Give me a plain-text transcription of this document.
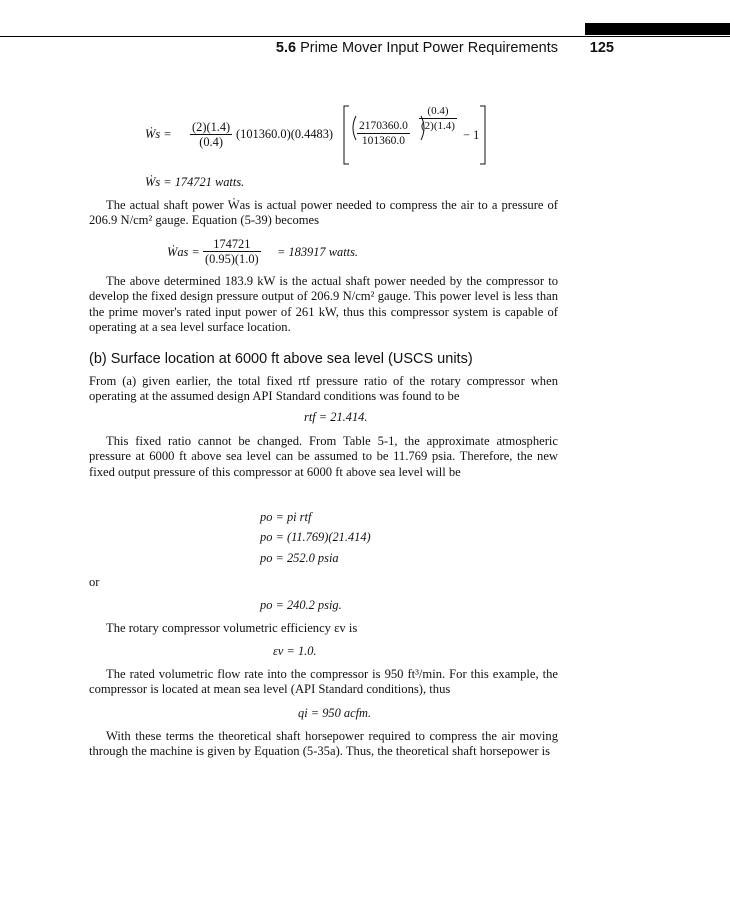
5.6 Prime Mover Input Power Requirements 125
Ẇs = $\frac{(2)(1.4)}{(0.4)} (101360.0)(0.4483) \frac{2170360.0}{101360.0}$
$\frac{(0.4)}{(2)(1.4)}$
− 1
Ẇs = 174721 watts.

The actual shaft power Ẇas is actual power needed to compress the air to a pressure of 206.9 N/cm² gauge. Equation (5-39) becomes

Ẇas = $\frac{174721}{(0.95)(1.0)} = 183917$ watts.

The above determined 183.9 kW is the actual shaft power needed by the compressor to develop the fixed design pressure output of 206.9 N/cm² gauge. This power level is less than the prime mover's rated input power of 261 kW, thus this compressor system is capable of operating at a sea level surface location.

(b) Surface location at 6000 ft above sea level (USCS units)

From (a) given earlier, the total fixed rtf pressure ratio of the rotary compressor when operating at the assumed design API Standard conditions was found to be

rtf = 21.414.

This fixed ratio cannot be changed. From Table 5-1, the approximate atmospheric pressure at 6000 ft above sea level can be assumed to be 11.769 psia. Therefore, the new fixed output pressure of this compressor at 6000 ft above sea level will be

po = pi rtf
po = (11.769)(21.414)
po = 252.0 psia
or
po = 240.2 psig.

The rotary compressor volumetric efficiency εv is

εv = 1.0.

The rated volumetric flow rate into the compressor is 950 ft³/min. For this example, the compressor is located at mean sea level (API Standard conditions), thus

qi = 950 acfm.

With these terms the theoretical shaft horsepower required to compress the air moving through the machine is given by Equation (5-35a). Thus, the theoretical shaft horsepower is
